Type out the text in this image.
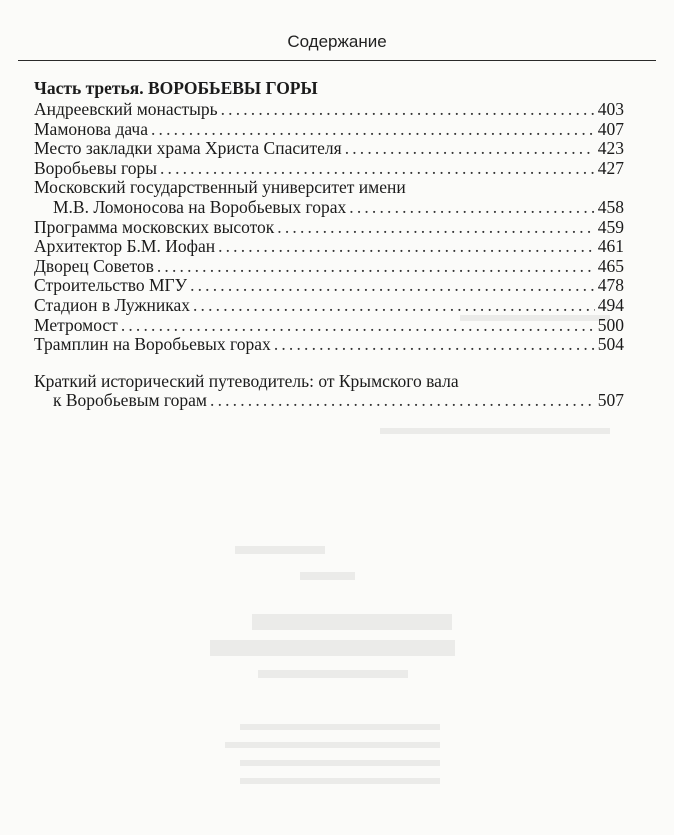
Содержание
Часть третья. ВОРОБЬЕВЫ ГОРЫ
Андреевский монастырь . . .	403
Мамонова дача . . .	407
Место закладки храма Христа Спасителя . . .	423
Воробьевы горы . . .	427
Московский государственный университет имени
М.В. Ломоносова на Воробьевых горах . . .	458
Программа московских высоток . . .	459
Архитектор Б.М. Иофан . . .	461
Дворец Советов . . .	465
Строительство МГУ . . .	478
Стадион в Лужниках . . .	494
Метромост . . .	500
Трамплин на Воробьевых горах . . .	504
Краткий исторический путеводитель: от Крымского вала
к Воробьевым горам . . .	507
